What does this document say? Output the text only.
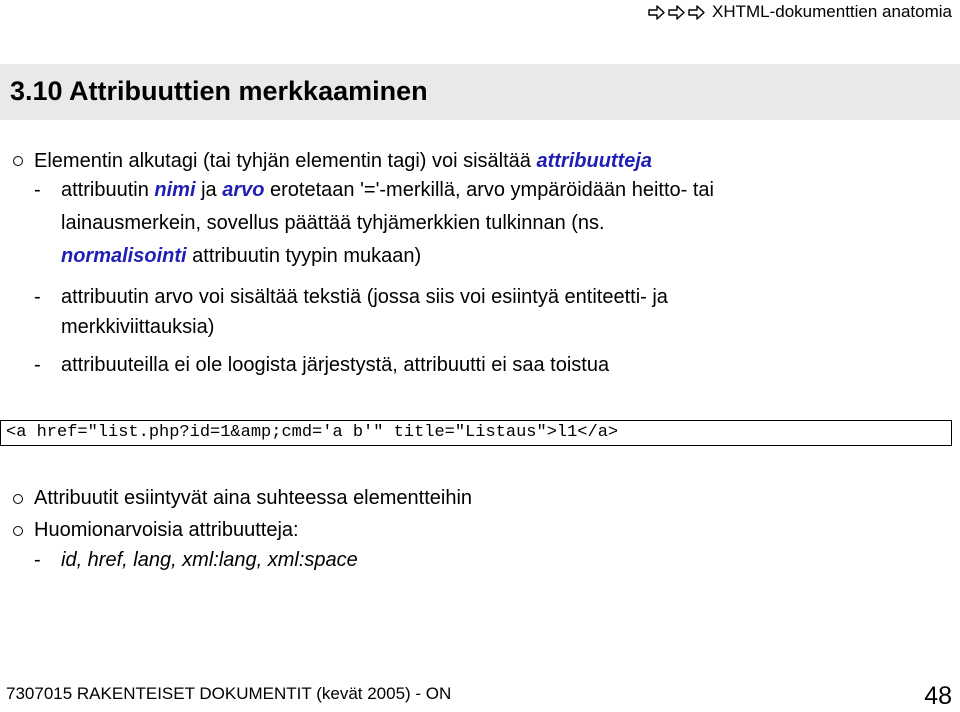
XHTML-dokumenttien anatomia
3.10 Attribuuttien merkkaaminen
Elementin alkutagi (tai tyhjän elementin tagi) voi sisältää attribuutteja
- attribuutin nimi ja arvo erotetaan '='-merkillä, arvo ympäröidään heitto- tai
lainausmerkein, sovellus päättää tyhjämerkkien tulkinnan (ns.
normalisointi attribuutin tyypin mukaan)
- attribuutin arvo voi sisältää tekstiä (jossa siis voi esiintyä entiteetti- ja
merkkiviittauksia)
- attribuuteilla ei ole loogista järjestystä, attribuutti ei saa toistua
<a href="list.php?id=1&amp;cmd='a b'" title="Listaus">l1</a>
Attribuutit esiintyvät aina suhteessa elementteihin
Huomionarvoisia attribuutteja:
- id, href, lang, xml:lang, xml:space
7307015 RAKENTEISET DOKUMENTIT (kevät 2005) - ON	48
